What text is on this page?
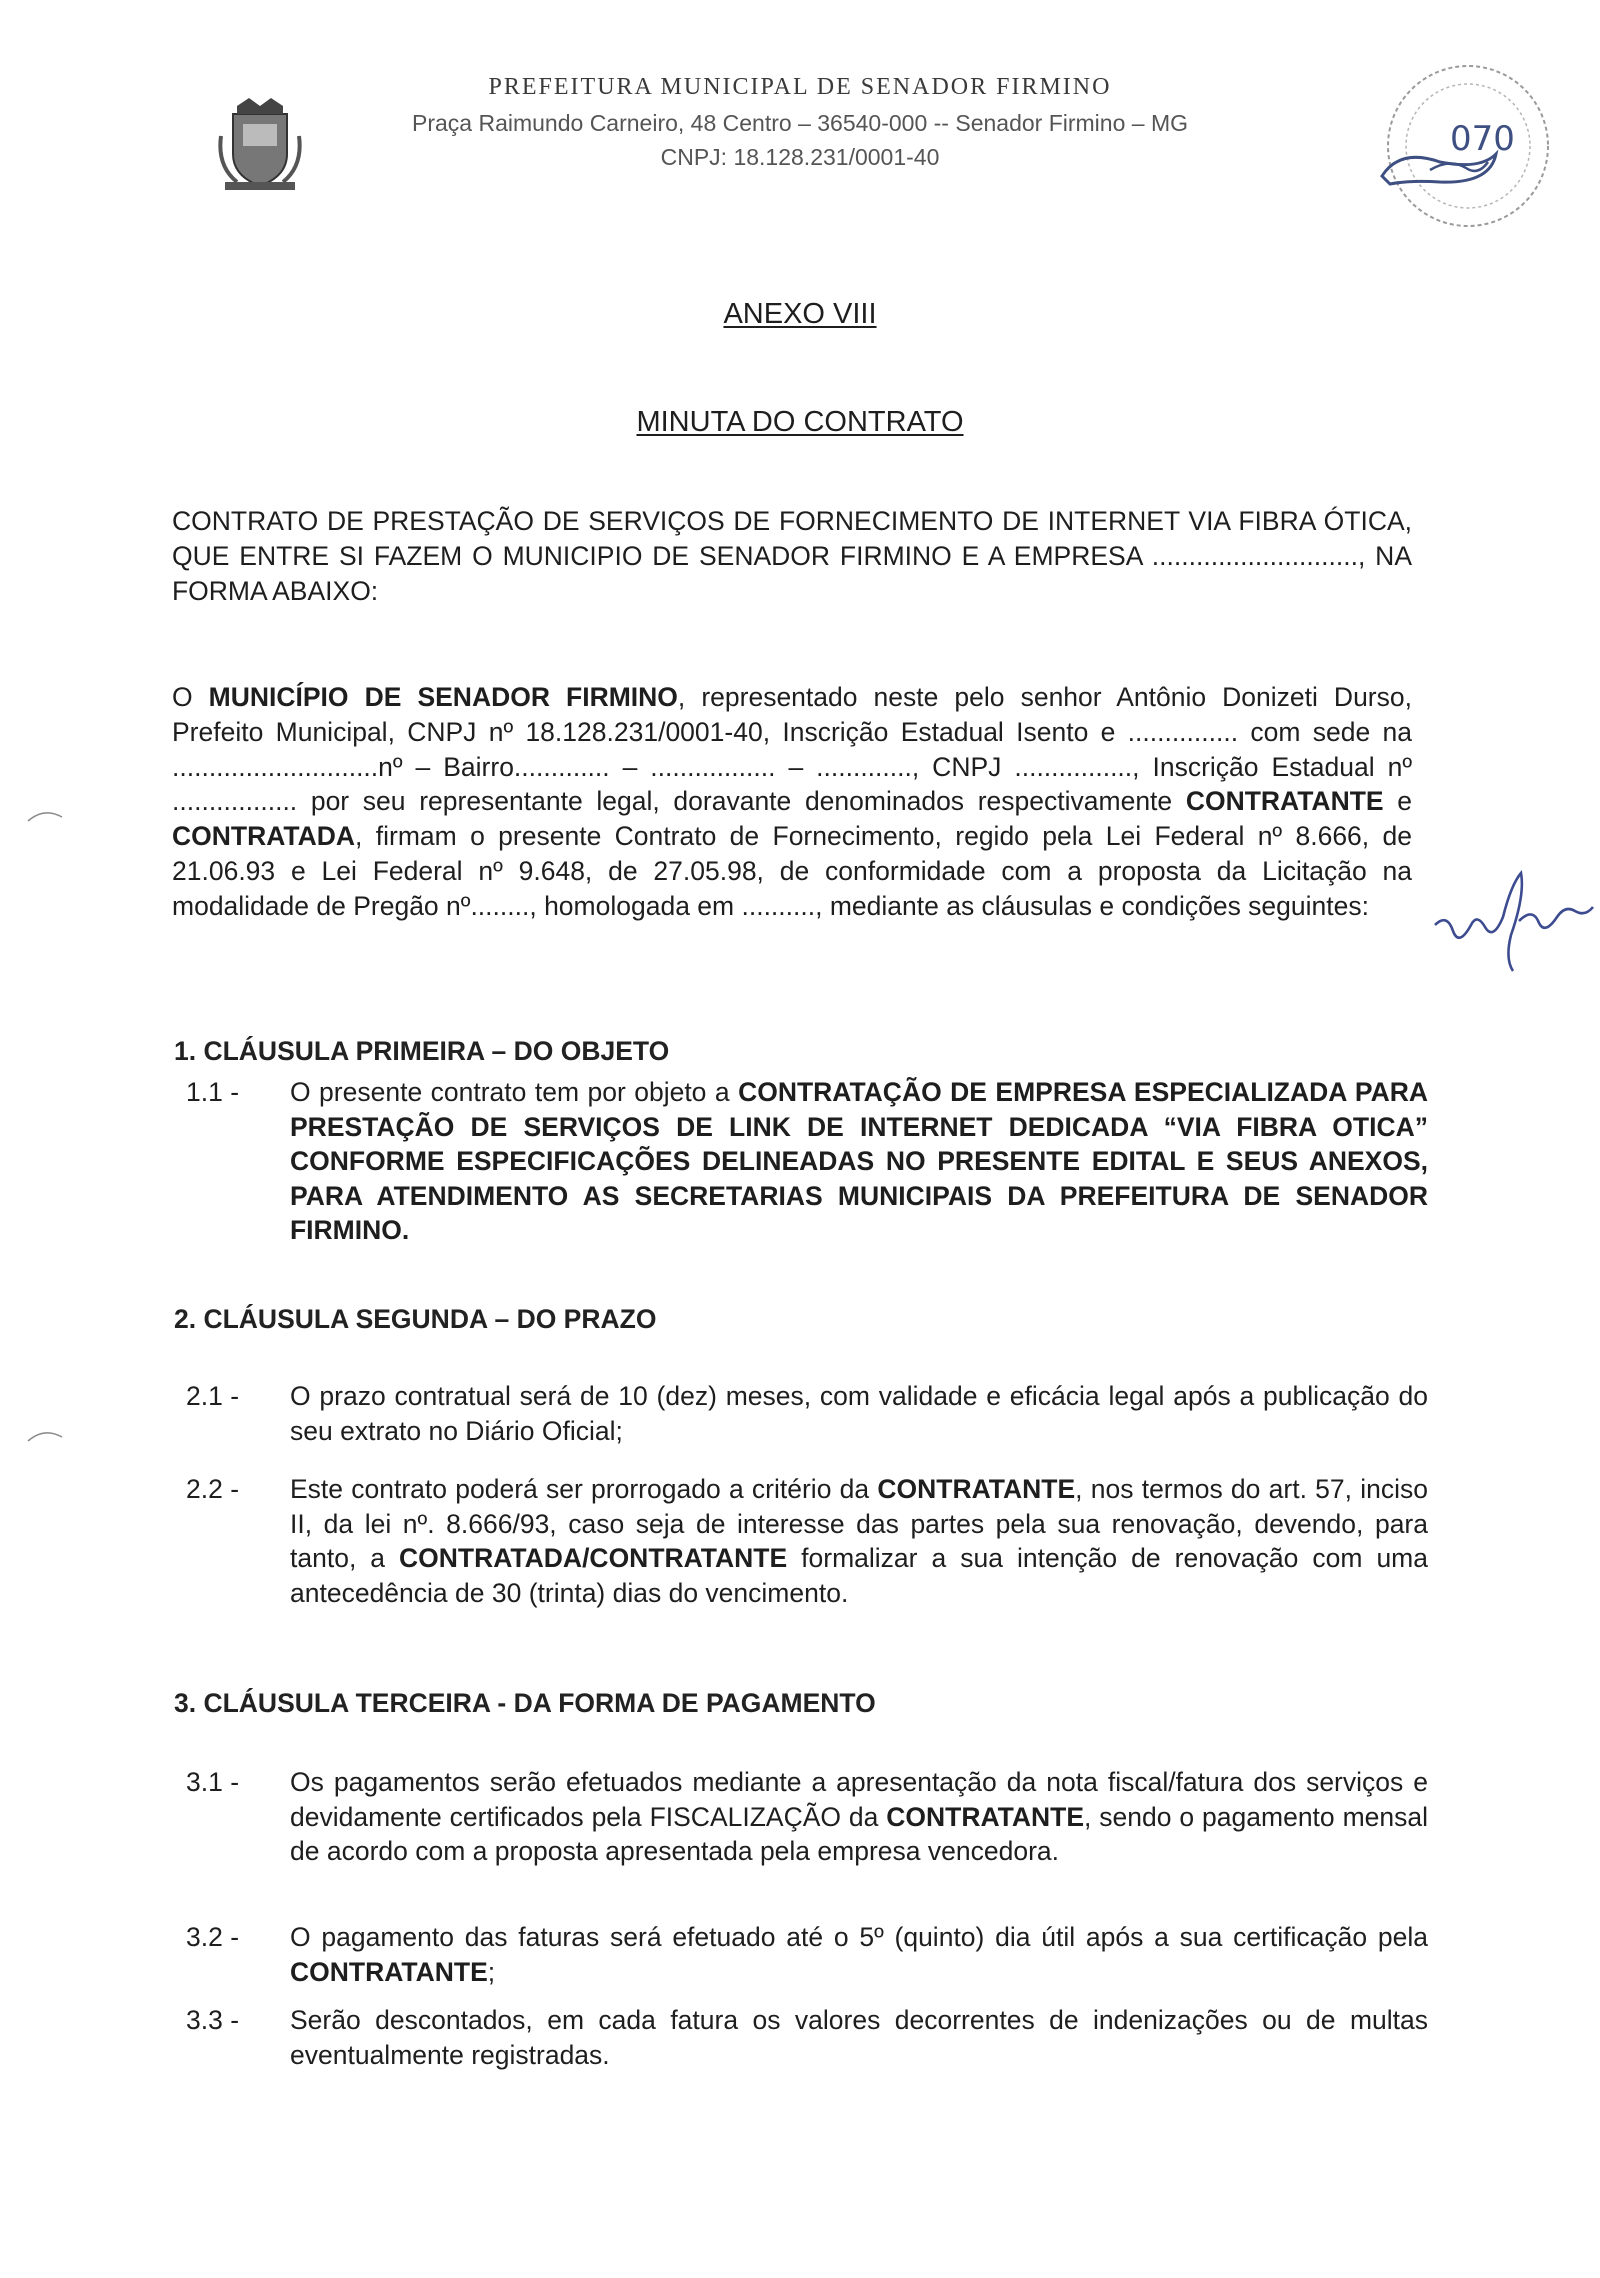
PREFEITURA MUNICIPAL DE SENADOR FIRMINO
Praça Raimundo Carneiro, 48 Centro – 36540-000 -- Senador Firmino – MG
CNPJ: 18.128.231/0001-40	070
ANEXO VIII
MINUTA DO CONTRATO
CONTRATO DE PRESTAÇÃO DE SERVIÇOS DE FORNECIMENTO DE INTERNET VIA FIBRA ÓTICA, QUE ENTRE SI FAZEM O MUNICIPIO DE SENADOR FIRMINO E A EMPRESA ............................, NA FORMA ABAIXO:
O MUNICÍPIO DE SENADOR FIRMINO, representado neste pelo senhor Antônio Donizeti Durso, Prefeito Municipal, CNPJ nº 18.128.231/0001-40, Inscrição Estadual Isento e ............... com sede na ............................nº – Bairro............. – ................. – ............., CNPJ ................, Inscrição Estadual nº ................. por seu representante legal, doravante denominados respectivamente CONTRATANTE e CONTRATADA, firmam o presente Contrato de Fornecimento, regido pela Lei Federal nº 8.666, de 21.06.93 e Lei Federal nº 9.648, de 27.05.98, de conformidade com a proposta da Licitação na modalidade de Pregão nº........, homologada em .........., mediante as cláusulas e condições seguintes:
1. CLÁUSULA PRIMEIRA – DO OBJETO
1.1 -	O presente contrato tem por objeto a CONTRATAÇÃO DE EMPRESA ESPECIALIZADA PARA PRESTAÇÃO DE SERVIÇOS DE LINK DE INTERNET DEDICADA “VIA FIBRA OTICA” CONFORME ESPECIFICAÇÕES DELINEADAS NO PRESENTE EDITAL E SEUS ANEXOS, PARA ATENDIMENTO AS SECRETARIAS MUNICIPAIS DA PREFEITURA DE SENADOR FIRMINO.
2. CLÁUSULA SEGUNDA – DO PRAZO
2.1 -	O prazo contratual será de 10 (dez) meses, com validade e eficácia legal após a publicação do seu extrato no Diário Oficial;
2.2 -	Este contrato poderá ser prorrogado a critério da CONTRATANTE, nos termos do art. 57, inciso II, da lei nº. 8.666/93, caso seja de interesse das partes pela sua renovação, devendo, para tanto, a CONTRATADA/CONTRATANTE formalizar a sua intenção de renovação com uma antecedência de 30 (trinta) dias do vencimento.
3. CLÁUSULA TERCEIRA - DA FORMA DE PAGAMENTO
3.1 -	Os pagamentos serão efetuados mediante a apresentação da nota fiscal/fatura dos serviços e devidamente certificados pela FISCALIZAÇÃO da CONTRATANTE, sendo o pagamento mensal de acordo com a proposta apresentada pela empresa vencedora.
3.2 -	O pagamento das faturas será efetuado até o 5º (quinto) dia útil após a sua certificação pela CONTRATANTE;
3.3 -	Serão descontados, em cada fatura os valores decorrentes de indenizações ou de multas eventualmente registradas.
